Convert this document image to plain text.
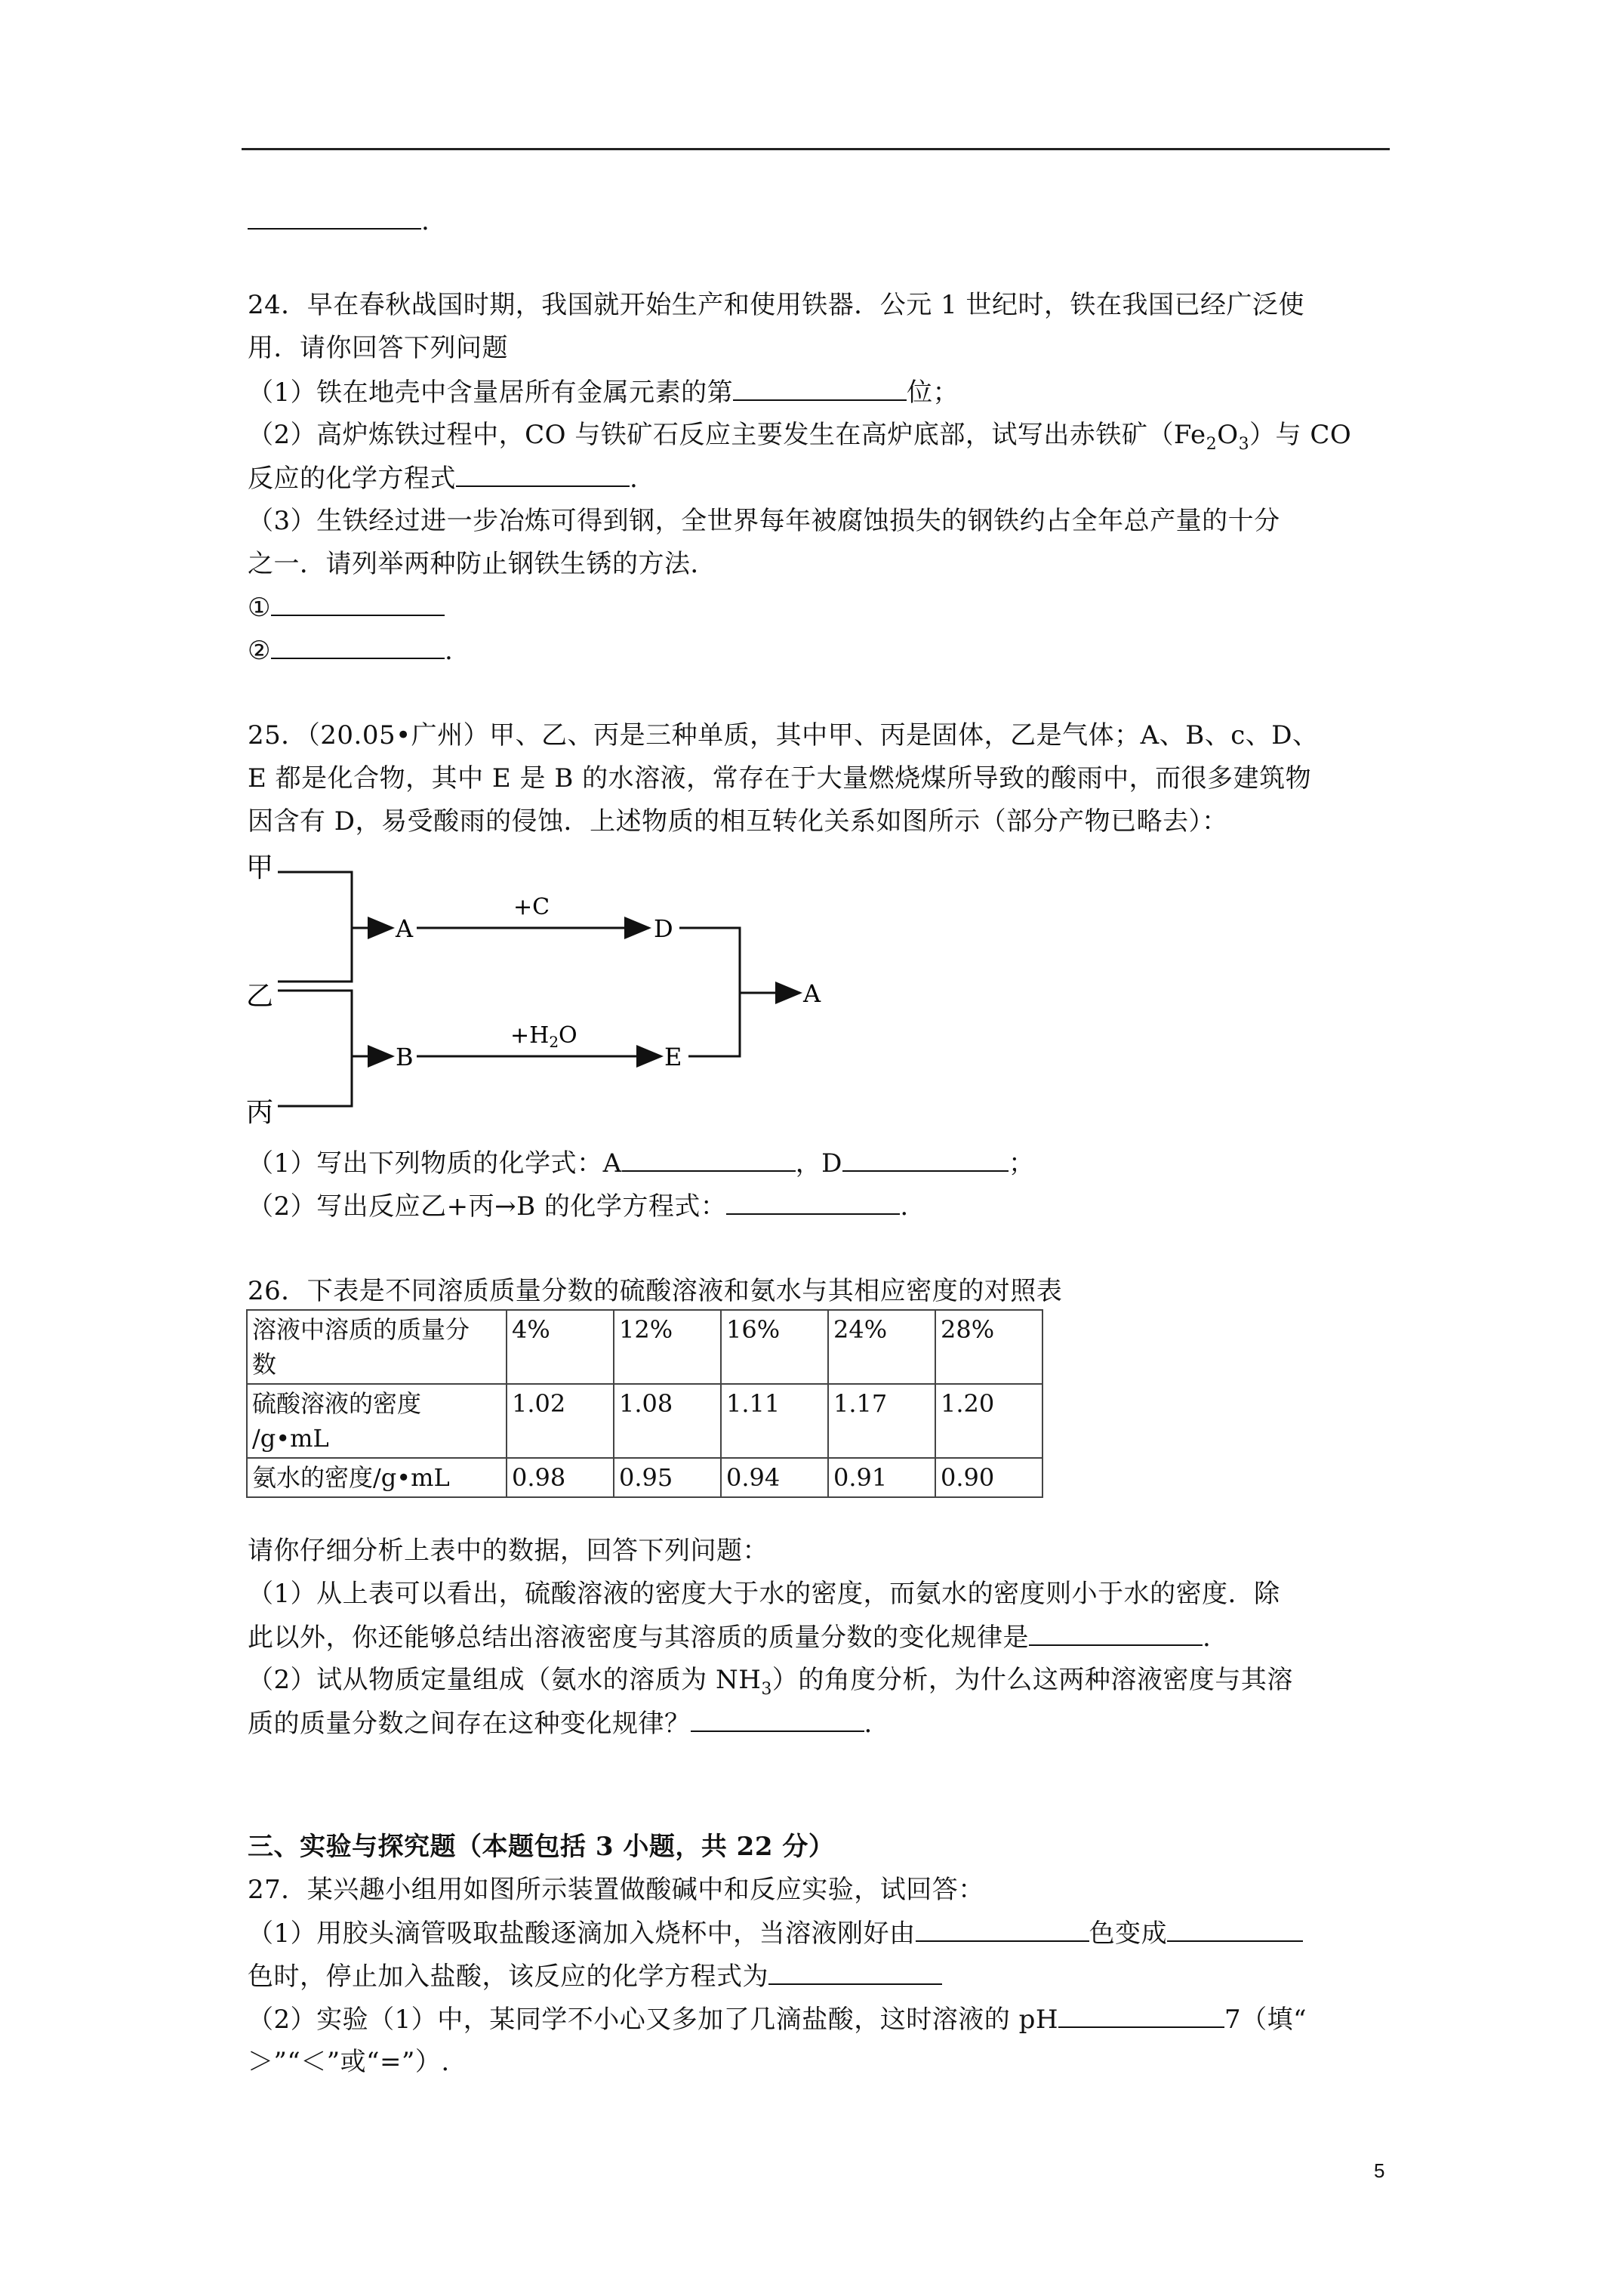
.
24．早在春秋战国时期，我国就开始生产和使用铁器．公元 1 世纪时，铁在我国已经广泛使
用．请你回答下列问题
（1）铁在地壳中含量居所有金属元素的第	位；
（2）高炉炼铁过程中，CO 与铁矿石反应主要发生在高炉底部，试写出赤铁矿$(Fe_2O_3)$与 CO
反应的化学方程式	.
（3）生铁经过进一步冶炼可得到钢，全世界每年被腐蚀损失的钢铁约占全年总产量的十分
之一．请列举两种防止钢铁生锈的方法．
①
②	.
25．（20.05•广州）甲、乙、丙是三种单质，其中甲、丙是固体，乙是气体；A、B、c、D、
E 都是化合物，其中 E 是 B 的水溶液，常存在于大量燃烧煤所导致的酸雨中，而很多建筑物
因含有 D，易受酸雨的侵蚀．上述物质的相互转化关系如图所示（部分产物已略去）：
甲
乙
丙
A
B
+C
$+H_2O$
D
E
A
（1）写出下列物质的化学式：A	，D	；
（2）写出反应乙+丙→B 的化学方程式：	.
26．下表是不同溶质质量分数的硫酸溶液和氨水与其相应密度的对照表
溶液中溶质的质量分
数	4%	12%	16%	24%	28%
硫酸溶液的密度
/g•mL	1.02	1.08	1.11	1.17	1.20
氨水的密度/g•mL	0.98	0.95	0.94	0.91	0.90
请你仔细分析上表中的数据，回答下列问题：
（1）从上表可以看出，硫酸溶液的密度大于水的密度，而氨水的密度则小于水的密度．除
此以外，你还能够总结出溶液密度与其溶质的质量分数的变化规律是	.
（2）试从物质定量组成（氨水的溶质为 $NH_3$）的角度分析，为什么这两种溶液密度与其溶
质的质量分数之间存在这种变化规律？	.
三、实验与探究题（本题包括 3 小题，共 22 分）
27．某兴趣小组用如图所示装置做酸碱中和反应实验，试回答：
（1）用胶头滴管吸取盐酸逐滴加入烧杯中，当溶液刚好由	色变成
色时，停止加入盐酸，该反应的化学方程式为
（2）实验（1）中，某同学不小心又多加了几滴盐酸，这时溶液的 pH	7（填“
＞”“＜”或“=”）.
5
